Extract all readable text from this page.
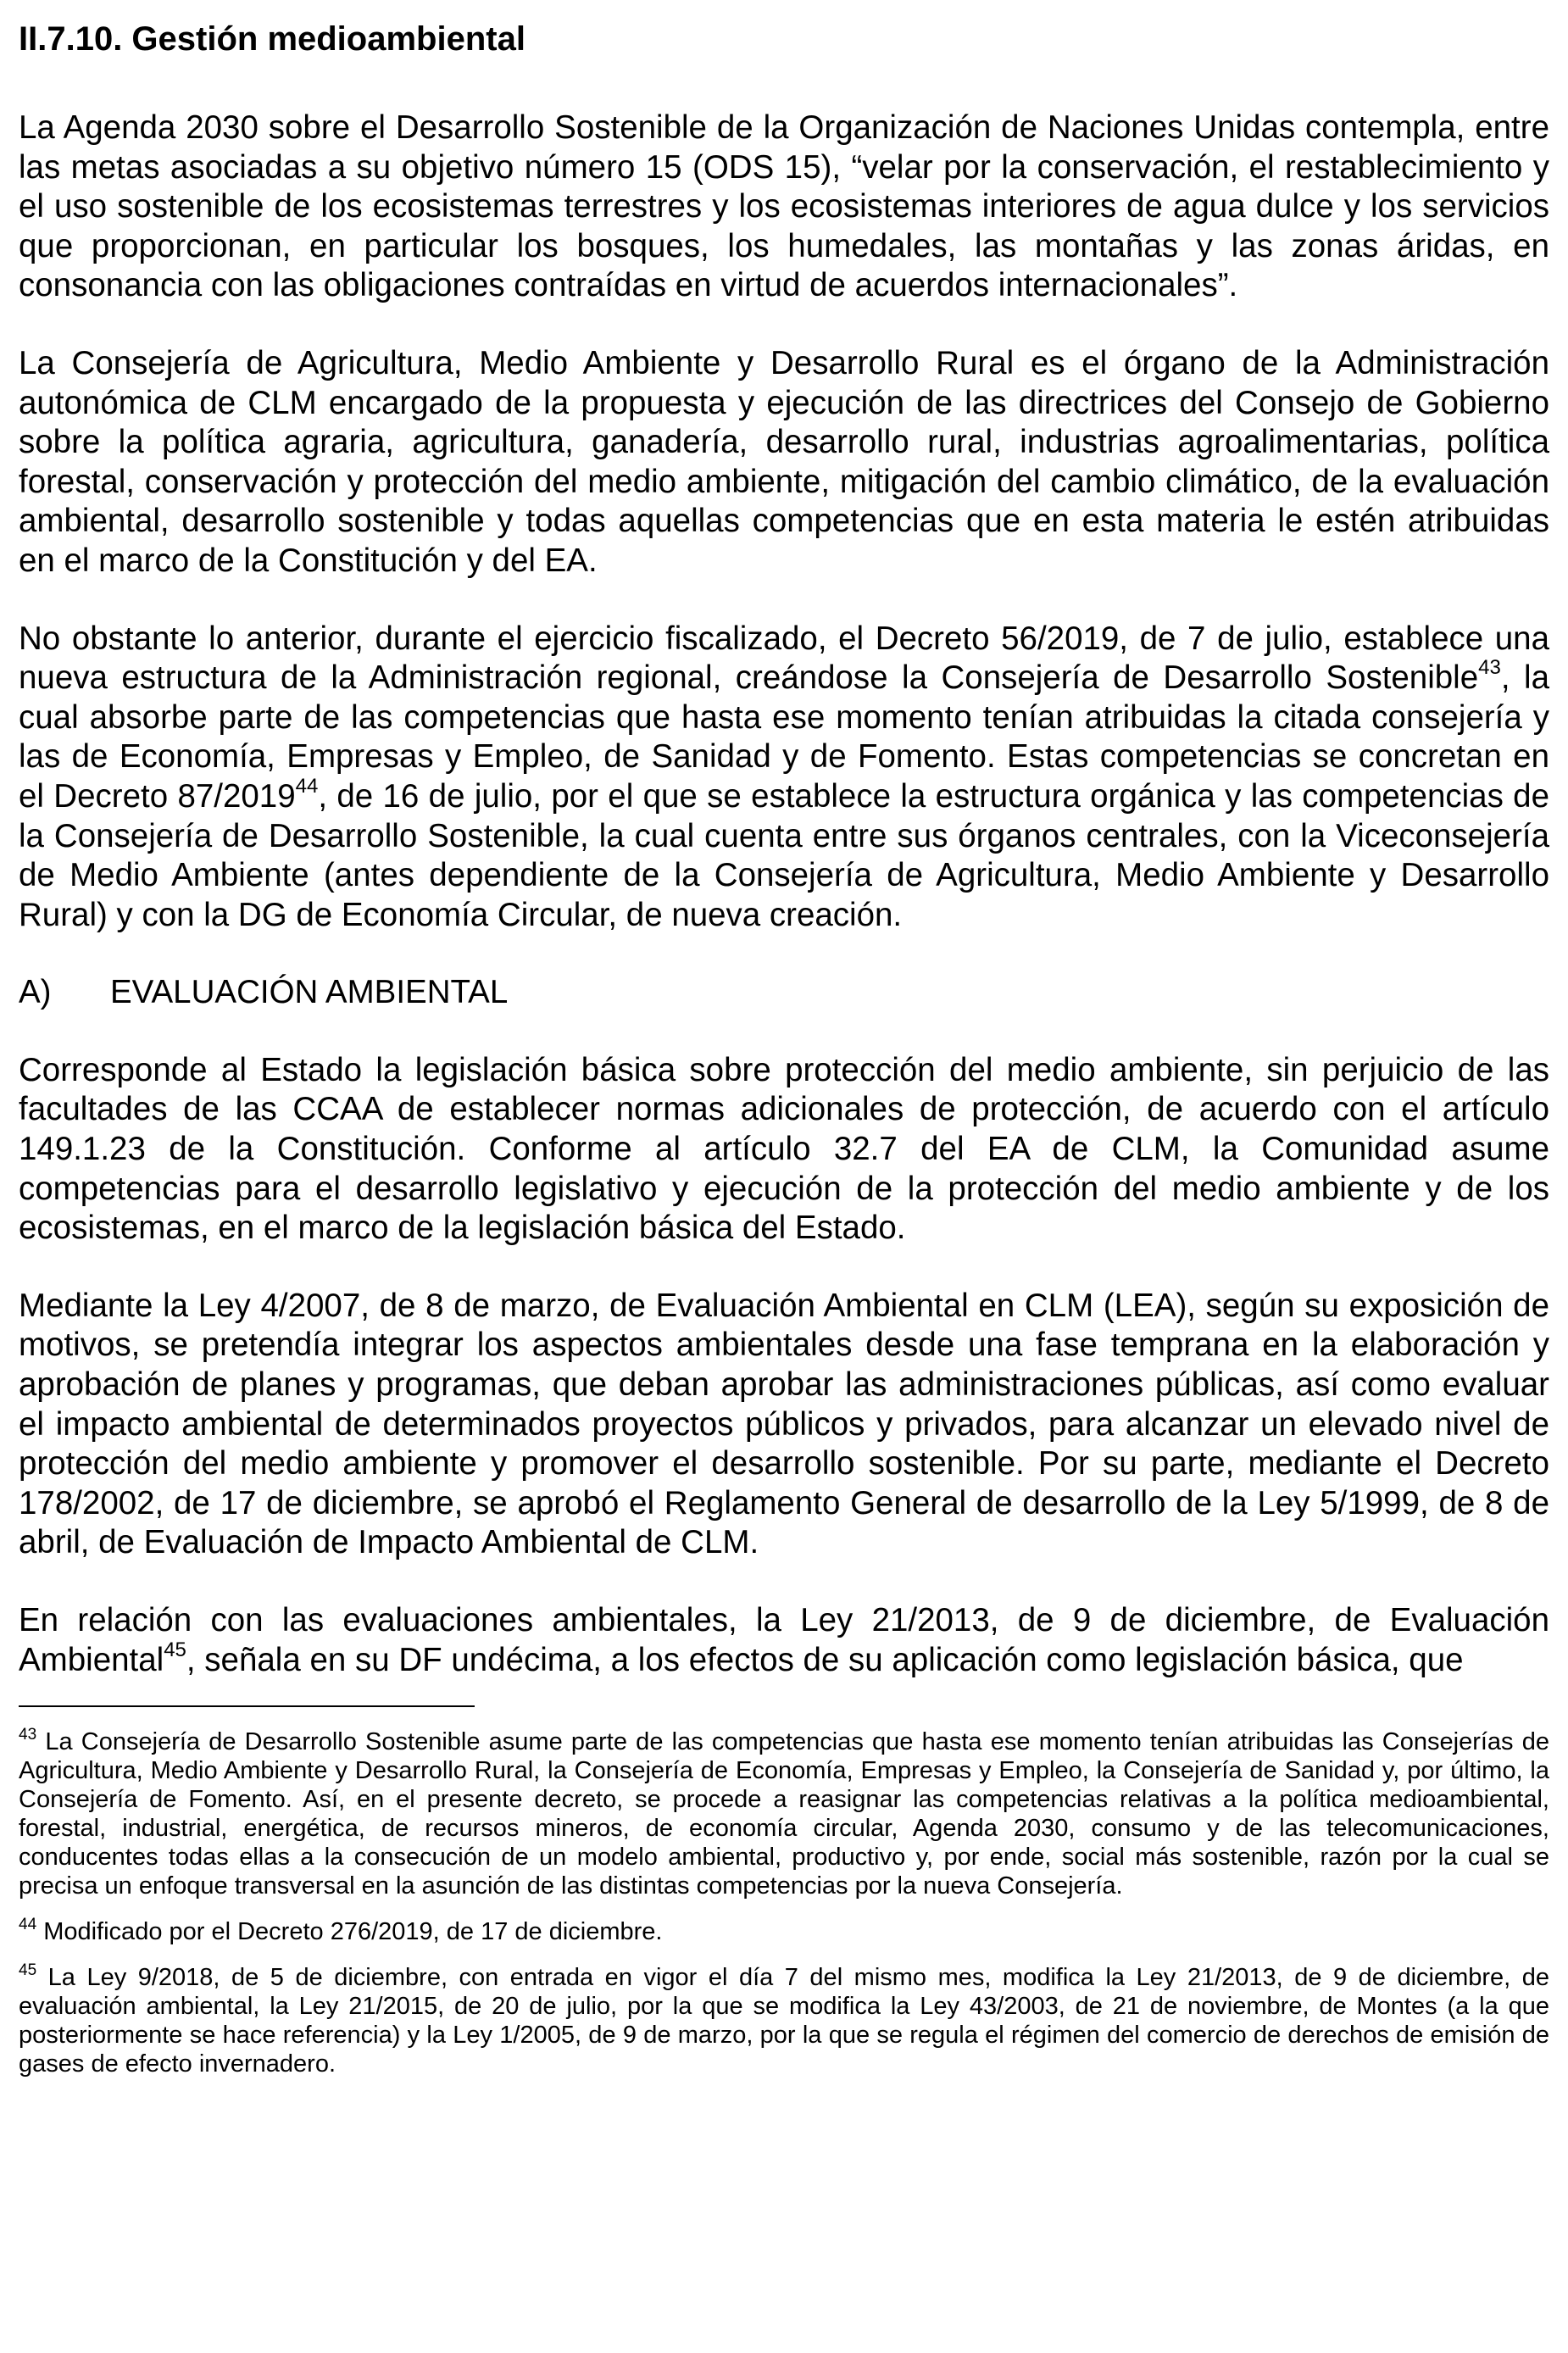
II.7.10. Gestión medioambiental

La Agenda 2030 sobre el Desarrollo Sostenible de la Organización de Naciones Unidas contempla, entre las metas asociadas a su objetivo número 15 (ODS 15), “velar por la conservación, el restablecimiento y el uso sostenible de los ecosistemas terrestres y los ecosistemas interiores de agua dulce y los servicios que proporcionan, en particular los bosques, los humedales, las montañas y las zonas áridas, en consonancia con las obligaciones contraídas en virtud de acuerdos internacionales”.

La Consejería de Agricultura, Medio Ambiente y Desarrollo Rural es el órgano de la Administración autonómica de CLM encargado de la propuesta y ejecución de las directrices del Consejo de Gobierno sobre la política agraria, agricultura, ganadería, desarrollo rural, industrias agroalimentarias, política forestal, conservación y protección del medio ambiente, mitigación del cambio climático, de la evaluación ambiental, desarrollo sostenible y todas aquellas competencias que en esta materia le estén atribuidas en el marco de la Constitución y del EA.

No obstante lo anterior, durante el ejercicio fiscalizado, el Decreto 56/2019, de 7 de julio, establece una nueva estructura de la Administración regional, creándose la Consejería de Desarrollo Sostenible$^{43}$, la cual absorbe parte de las competencias que hasta ese momento tenían atribuidas la citada consejería y las de Economía, Empresas y Empleo, de Sanidad y de Fomento. Estas competencias se concretan en el Decreto 87/2019$^{44}$, de 16 de julio, por el que se establece la estructura orgánica y las competencias de la Consejería de Desarrollo Sostenible, la cual cuenta entre sus órganos centrales, con la Viceconsejería de Medio Ambiente (antes dependiente de la Consejería de Agricultura, Medio Ambiente y Desarrollo Rural) y con la DG de Economía Circular, de nueva creación.

A)	EVALUACIÓN AMBIENTAL

Corresponde al Estado la legislación básica sobre protección del medio ambiente, sin perjuicio de las facultades de las CCAA de establecer normas adicionales de protección, de acuerdo con el artículo 149.1.23 de la Constitución. Conforme al artículo 32.7 del EA de CLM, la Comunidad asume competencias para el desarrollo legislativo y ejecución de la protección del medio ambiente y de los ecosistemas, en el marco de la legislación básica del Estado.

Mediante la Ley 4/2007, de 8 de marzo, de Evaluación Ambiental en CLM (LEA), según su exposición de motivos, se pretendía integrar los aspectos ambientales desde una fase temprana en la elaboración y aprobación de planes y programas, que deban aprobar las administraciones públicas, así como evaluar el impacto ambiental de determinados proyectos públicos y privados, para alcanzar un elevado nivel de protección del medio ambiente y promover el desarrollo sostenible. Por su parte, mediante el Decreto 178/2002, de 17 de diciembre, se aprobó el Reglamento General de desarrollo de la Ley 5/1999, de 8 de abril, de Evaluación de Impacto Ambiental de CLM.

En relación con las evaluaciones ambientales, la Ley 21/2013, de 9 de diciembre, de Evaluación Ambiental$^{45}$, señala en su DF undécima, a los efectos de su aplicación como legislación básica, que

$^{43}$ La Consejería de Desarrollo Sostenible asume parte de las competencias que hasta ese momento tenían atribuidas las Consejerías de Agricultura, Medio Ambiente y Desarrollo Rural, la Consejería de Economía, Empresas y Empleo, la Consejería de Sanidad y, por último, la Consejería de Fomento. Así, en el presente decreto, se procede a reasignar las competencias relativas a la política medioambiental, forestal, industrial, energética, de recursos mineros, de economía circular, Agenda 2030, consumo y de las telecomunicaciones, conducentes todas ellas a la consecución de un modelo ambiental, productivo y, por ende, social más sostenible, razón por la cual se precisa un enfoque transversal en la asunción de las distintas competencias por la nueva Consejería.

$^{44}$ Modificado por el Decreto 276/2019, de 17 de diciembre.

$^{45}$ La Ley 9/2018, de 5 de diciembre, con entrada en vigor el día 7 del mismo mes, modifica la Ley 21/2013, de 9 de diciembre, de evaluación ambiental, la Ley 21/2015, de 20 de julio, por la que se modifica la Ley 43/2003, de 21 de noviembre, de Montes (a la que posteriormente se hace referencia) y la Ley 1/2005, de 9 de marzo, por la que se regula el régimen del comercio de derechos de emisión de gases de efecto invernadero.
